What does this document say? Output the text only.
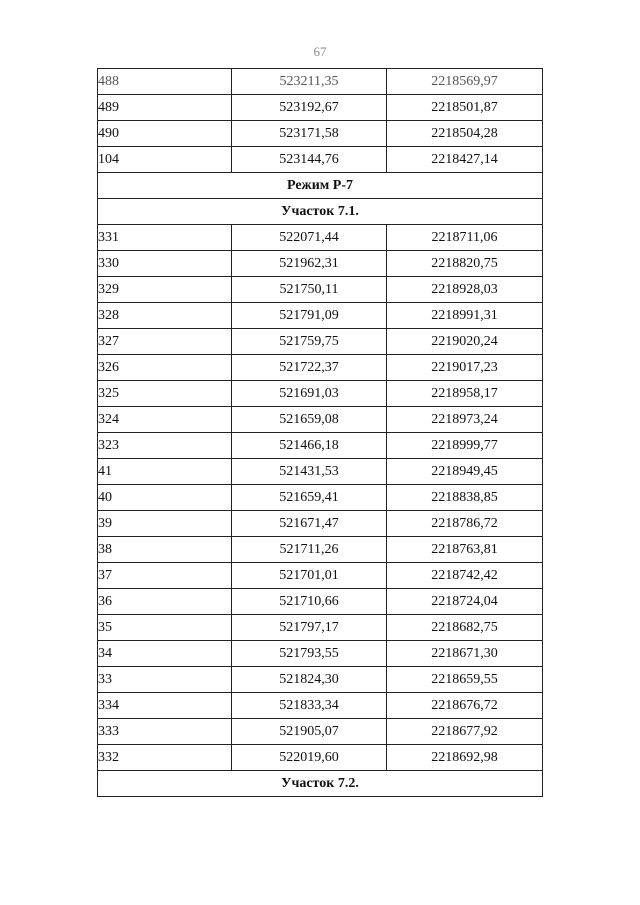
67
488	523211,35	2218569,97
489	523192,67	2218501,87
490	523171,58	2218504,28
104	523144,76	2218427,14
Режим Р-7		
Участок 7.1.		
331	522071,44	2218711,06
330	521962,31	2218820,75
329	521750,11	2218928,03
328	521791,09	2218991,31
327	521759,75	2219020,24
326	521722,37	2219017,23
325	521691,03	2218958,17
324	521659,08	2218973,24
323	521466,18	2218999,77
41	521431,53	2218949,45
40	521659,41	2218838,85
39	521671,47	2218786,72
38	521711,26	2218763,81
37	521701,01	2218742,42
36	521710,66	2218724,04
35	521797,17	2218682,75
34	521793,55	2218671,30
33	521824,30	2218659,55
334	521833,34	2218676,72
333	521905,07	2218677,92
332	522019,60	2218692,98
Участок 7.2.		
